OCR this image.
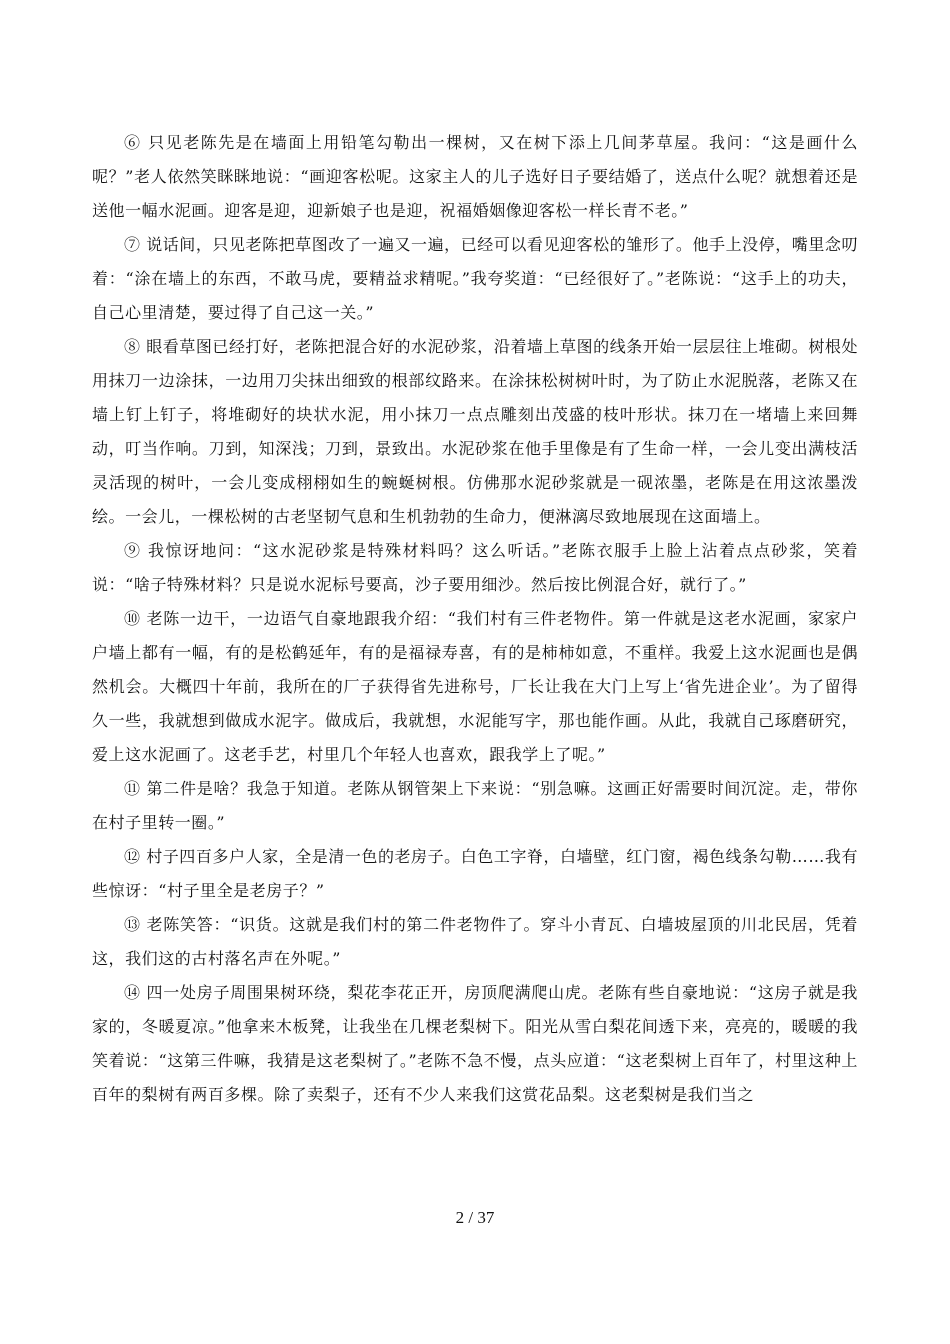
⑥ 只见老陈先是在墙面上用铅笔勾勒出一棵树，又在树下添上几间茅草屋。我问：“这是画什么呢？”老人依然笑眯眯地说：“画迎客松呢。这家主人的儿子选好日子要结婚了，送点什么呢？就想着还是送他一幅水泥画。迎客是迎，迎新娘子也是迎，祝福婚姻像迎客松一样长青不老。”

⑦ 说话间，只见老陈把草图改了一遍又一遍，已经可以看见迎客松的雏形了。他手上没停，嘴里念叨着：“涂在墙上的东西，不敢马虎，要精益求精呢。”我夸奖道：“已经很好了。”老陈说：“这手上的功夫，自己心里清楚，要过得了自己这一关。”

⑧ 眼看草图已经打好，老陈把混合好的水泥砂浆，沿着墙上草图的线条开始一层层往上堆砌。树根处用抹刀一边涂抹，一边用刀尖抹出细致的根部纹路来。在涂抹松树树叶时，为了防止水泥脱落，老陈又在墙上钉上钉子，将堆砌好的块状水泥，用小抹刀一点点雕刻出茂盛的枝叶形状。抹刀在一堵墙上来回舞动，叮当作响。刀到，知深浅；刀到，景致出。水泥砂浆在他手里像是有了生命一样，一会儿变出满枝活灵活现的树叶，一会儿变成栩栩如生的蜿蜒树根。仿佛那水泥砂浆就是一砚浓墨，老陈是在用这浓墨泼绘。一会儿，一棵松树的古老坚韧气息和生机勃勃的生命力，便淋漓尽致地展现在这面墙上。

⑨ 我惊讶地问：“这水泥砂浆是特殊材料吗？这么听话。”老陈衣服手上脸上沾着点点砂浆，笑着说：“啥子特殊材料？只是说水泥标号要高，沙子要用细沙。然后按比例混合好，就行了。”

⑩ 老陈一边干，一边语气自豪地跟我介绍：“我们村有三件老物件。第一件就是这老水泥画，家家户户墙上都有一幅，有的是松鹤延年，有的是福禄寿喜，有的是柿柿如意，不重样。我爱上这水泥画也是偶然机会。大概四十年前，我所在的厂子获得省先进称号，厂长让我在大门上写上‘省先进企业’。为了留得久一些，我就想到做成水泥字。做成后，我就想，水泥能写字，那也能作画。从此，我就自己琢磨研究，爱上这水泥画了。这老手艺，村里几个年轻人也喜欢，跟我学上了呢。”

⑪ 第二件是啥？我急于知道。老陈从钢管架上下来说：“别急嘛。这画正好需要时间沉淀。走，带你在村子里转一圈。”

⑫ 村子四百多户人家，全是清一色的老房子。白色工字脊，白墙壁，红门窗，褐色线条勾勒……我有些惊讶：“村子里全是老房子？”

⑬ 老陈笑答：“识货。这就是我们村的第二件老物件了。穿斗小青瓦、白墙坡屋顶的川北民居，凭着这，我们这的古村落名声在外呢。”

⑭ 四一处房子周围果树环绕，梨花李花正开，房顶爬满爬山虎。老陈有些自豪地说：“这房子就是我家的，冬暖夏凉。”他拿来木板凳，让我坐在几棵老梨树下。阳光从雪白梨花间透下来，亮亮的，暖暖的我笑着说：“这第三件嘛，我猜是这老梨树了。”老陈不急不慢，点头应道：“这老梨树上百年了，村里这种上百年的梨树有两百多棵。除了卖梨子，还有不少人来我们这赏花品梨。这老梨树是我们当之

2 / 37
